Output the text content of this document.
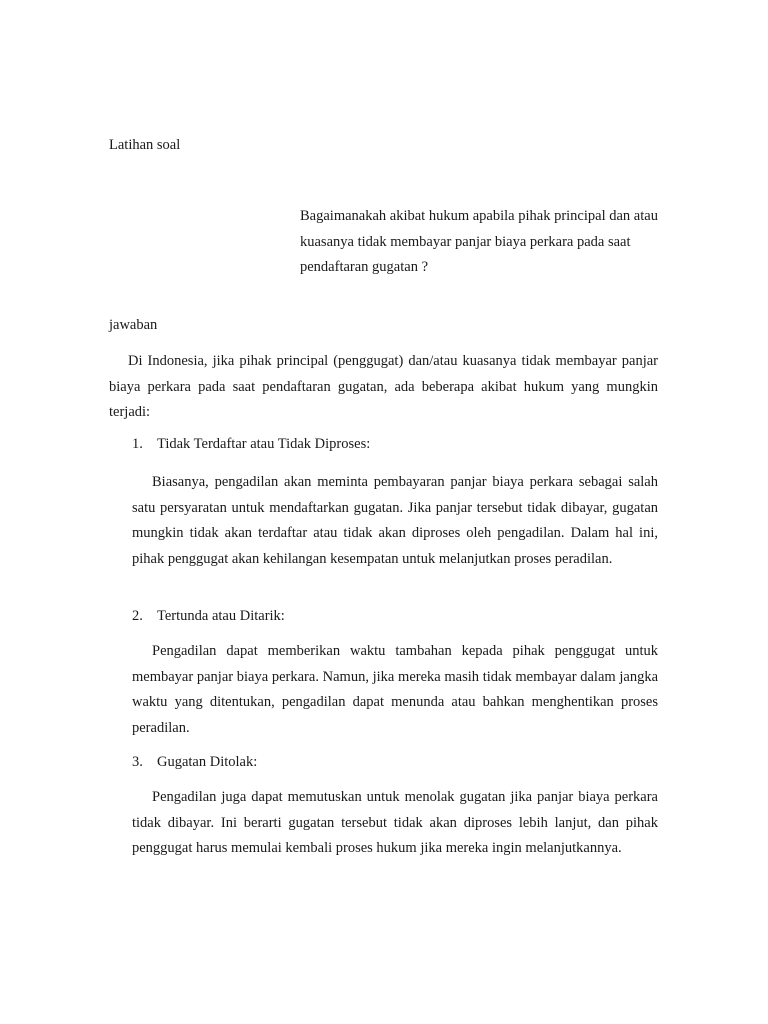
Latihan soal

Bagaimanakah akibat hukum apabila pihak principal dan atau kuasanya tidak membayar panjar biaya perkara pada saat pendaftaran gugatan ?

jawaban

Di Indonesia, jika pihak principal (penggugat) dan/atau kuasanya tidak membayar panjar biaya perkara pada saat pendaftaran gugatan, ada beberapa akibat hukum yang mungkin terjadi:

1. Tidak Terdaftar atau Tidak Diproses:

Biasanya, pengadilan akan meminta pembayaran panjar biaya perkara sebagai salah satu persyaratan untuk mendaftarkan gugatan. Jika panjar tersebut tidak dibayar, gugatan mungkin tidak akan terdaftar atau tidak akan diproses oleh pengadilan. Dalam hal ini, pihak penggugat akan kehilangan kesempatan untuk melanjutkan proses peradilan.

2. Tertunda atau Ditarik:

Pengadilan dapat memberikan waktu tambahan kepada pihak penggugat untuk membayar panjar biaya perkara. Namun, jika mereka masih tidak membayar dalam jangka waktu yang ditentukan, pengadilan dapat menunda atau bahkan menghentikan proses peradilan.

3. Gugatan Ditolak:

Pengadilan juga dapat memutuskan untuk menolak gugatan jika panjar biaya perkara tidak dibayar. Ini berarti gugatan tersebut tidak akan diproses lebih lanjut, dan pihak penggugat harus memulai kembali proses hukum jika mereka ingin melanjutkannya.
